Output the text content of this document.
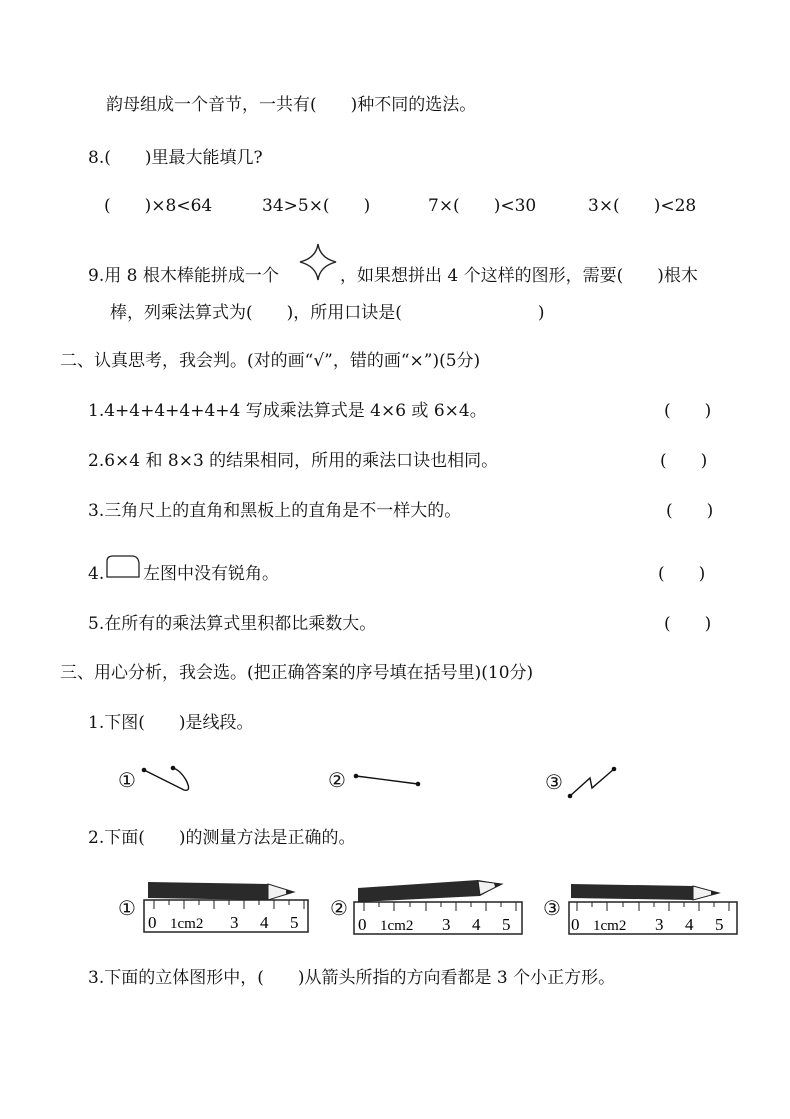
韵母组成一个音节，一共有(　　)种不同的选法。
8.(　　)里最大能填几?
(　　)×8<64	34>5×(　　)	7×(　　)<30	3×(　　)<28
9.用 8 根木棒能拼成一个	，如果想拼出 4 个这样的图形，需要(　　)根木
棒，列乘法算式为(　　)，所用口诀是(　　　　　　　　)
二、认真思考，我会判。(对的画“√”，错的画“×”)(5分)
1.4+4+4+4+4+4 写成乘法算式是 4×6 或 6×4。	(　　)
2.6×4 和 8×3 的结果相同，所用的乘法口诀也相同。	(　　)
3.三角尺上的直角和黑板上的直角是不一样大的。	(　　)
4. 左图中没有锐角。	(　　)
5.在所有的乘法算式里积都比乘数大。	(　　)
三、用心分析，我会选。(把正确答案的序号填在括号里)(10分)
1.下图(　　)是线段。
①	②	③
2.下面(　　)的测量方法是正确的。
①
0 1cm2 3 4 5
②
0 1cm2 3 4 5
③
0 1cm2 3 4 5
3.下面的立体图形中，(　　)从箭头所指的方向看都是 3 个小正方形。
